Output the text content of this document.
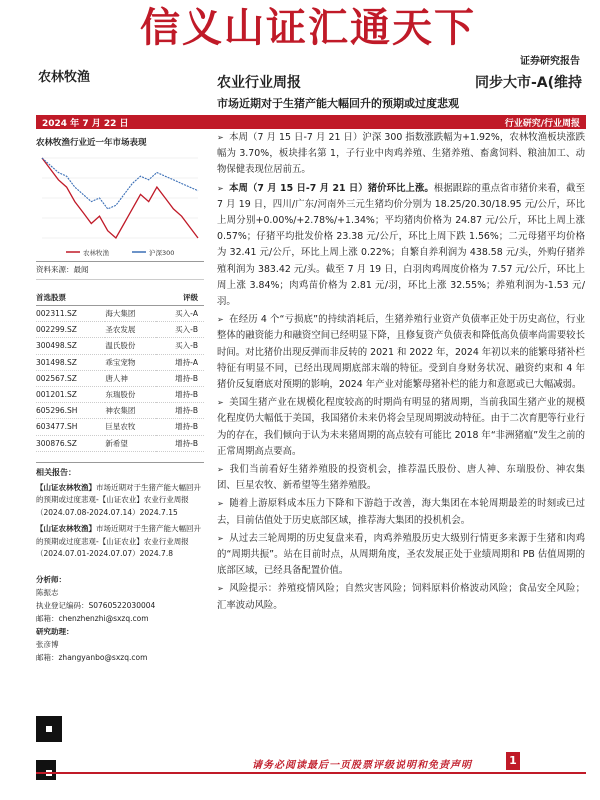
信义山证汇通天下
证券研究报告
农林牧渔	农业行业周报	同步大市-A(维持
市场近期对于生猪产能大幅回升的预期或过度悲观
2024 年 7 月 22 日	行业研究/行业周报
农林牧渔行业近一年市场表现
农林牧渔	沪深300
资料来源：最闻
首选股票		评级
002311.SZ	海大集团	买入-A
002299.SZ	圣农发展	买入-B
300498.SZ	温氏股份	买入-B
301498.SZ	乖宝宠物	增持-A
002567.SZ	唐人神	增持-B
001201.SZ	东瑞股份	增持-B
605296.SH	神农集团	增持-B
603477.SH	巨星农牧	增持-B
300876.SZ	新希望	增持-B
相关报告：
【山证农林牧渔】市场近期对于生猪产能大幅回升的预期或过度悲观-【山证农业】农业行业周报（2024.07.08-2024.07.14）2024.7.15
【山证农林牧渔】市场近期对于生猪产能大幅回升的预期或过度悲观-【山证农业】农业行业周报（2024.07.01-2024.07.07）2024.7.8
分析师：
陈振志
执业登记编码：S0760522030004
邮箱：chenzhenzhi@sxzq.com
研究助理：
张彦博
邮箱：zhangyanbo@sxzq.com

➢ 本周（7 月 15 日-7 月 21 日）沪深 300 指数涨跌幅为+1.92%，农林牧渔板块涨跌幅为 3.70%，板块排名第 1，子行业中肉鸡养殖、生猪养殖、畜禽饲料、粮油加工、动物保健表现位居前五。

➢ 本周（7 月 15 日-7 月 21 日）猪价环比上涨。根据跟踪的重点省市猪价来看，截至 7 月 19 日，四川/广东/河南外三元生猪均价分别为 18.25/20.30/18.95 元/公斤，环比上周分别+0.00%/+2.78%/+1.34%；平均猪肉价格为 24.87 元/公斤，环比上周上涨 0.57%；仔猪平均批发价格 23.38 元/公斤，环比上周下跌 1.56%；二元母猪平均价格为 32.41 元/公斤，环比上周上涨 0.22%；自繁自养利润为 438.58 元/头，外购仔猪养殖利润为 383.42 元/头。截至 7 月 19 日，白羽肉鸡周度价格为 7.57 元/公斤，环比上周上涨 3.84%；肉鸡苗价格为 2.81 元/羽，环比上涨 32.55%；养殖利润为-1.53 元/羽。

➢ 在经历 4 个“亏损底”的持续消耗后，生猪养殖行业资产负债率正处于历史高位，行业整体的融资能力和融资空间已经明显下降，且修复资产负债表和降低高负债率尚需要较长时间。对比猪价出现反弹而非反转的 2021 和 2022 年，2024 年初以来的能繁母猪补栏特征有明显不同，已经出现周期底部末端的特征。受到自身财务状况、融资约束和 4 年猪价反复磨底对预期的影响，2024 年产业对能繁母猪补栏的能力和意愿或已大幅减弱。

➢ 美国生猪产业在规模化程度较高的时期尚有明显的猪周期，当前我国生猪产业的规模化程度仍大幅低于美国，我国猪价未来仍将会呈现周期波动特征。由于二次育肥等行业行为的存在，我们倾向于认为未来猪周期的高点较有可能比 2018 年“非洲猪瘟”发生之前的正常周期高点要高。

➢ 我们当前看好生猪养殖股的投资机会，推荐温氏股份、唐人神、东瑞股份、神农集团、巨星农牧、新希望等生猪养殖股。

➢ 随着上游原料成本压力下降和下游趋于改善，海大集团在本轮周期最差的时刻或已过去，目前估值处于历史底部区域，推荐海大集团的投机机会。

➢ 从过去三轮周期的历史复盘来看，肉鸡养殖股历史大级别行情更多来源于生猪和肉鸡的“周期共振”。站在目前时点，从周期角度，圣农发展正处于业绩周期和 PB 估值周期的底部区域，已经具备配置价值。

➢ 风险提示：养殖疫情风险；自然灾害风险；饲料原料价格波动风险；食品安全风险；汇率波动风险。

请务必阅读最后一页股票评级说明和免责声明	1
